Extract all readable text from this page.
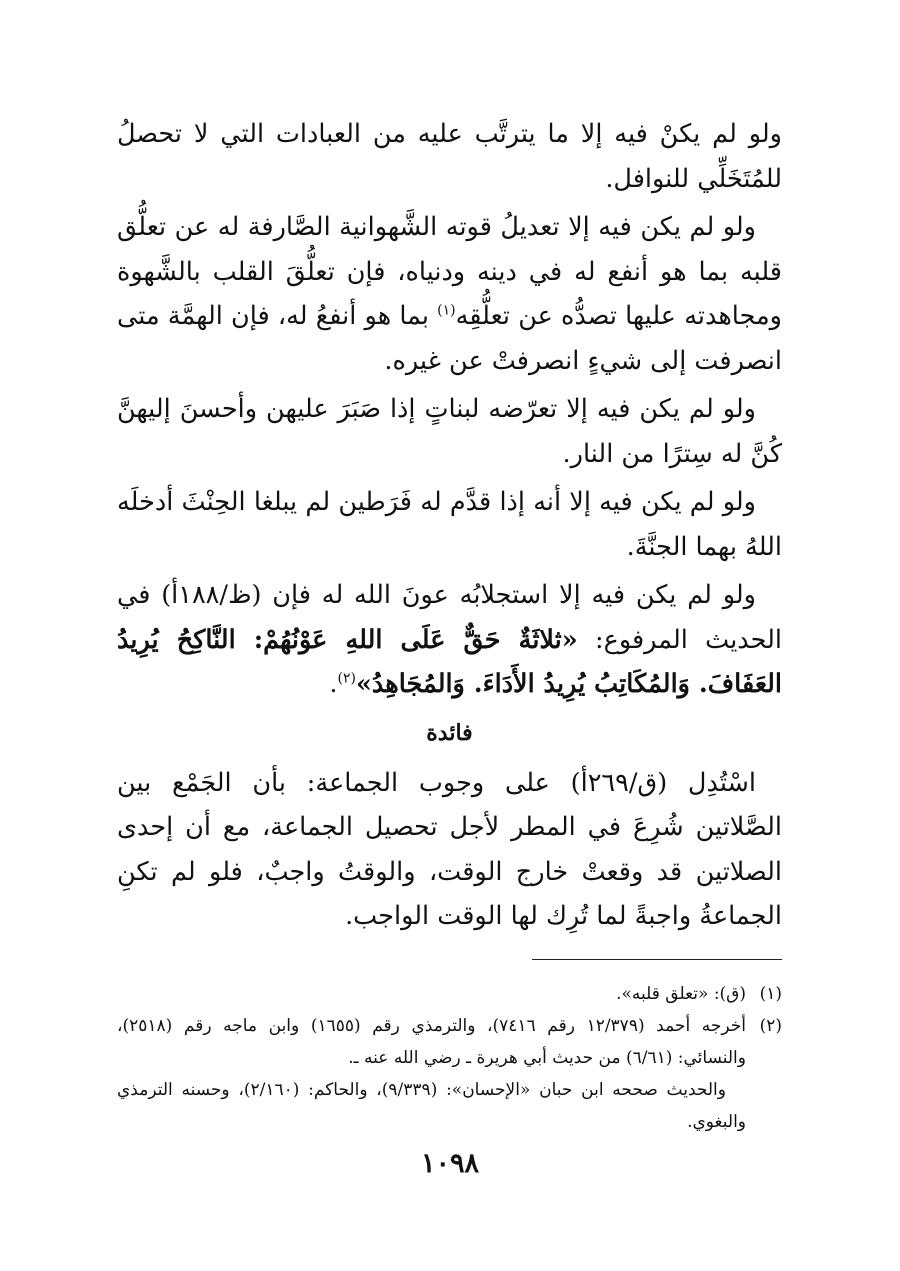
ولو لم يكنْ فيه إلا ما يترتَّب عليه من العبادات التي لا تحصلُ للمُتَخَلِّي للنوافل.

ولو لم يكن فيه إلا تعديلُ قوته الشَّهوانية الصَّارفة له عن تعلُّق قلبه بما هو أنفع له في دينه ودنياه، فإن تعلُّقَ القلب بالشَّهوة ومجاهدته عليها تصدُّه عن تعلُّقِه$^{(١)}$ بما هو أنفعُ له، فإن الهمَّة متى انصرفت إلى شيءٍ انصرفتْ عن غيره.

ولو لم يكن فيه إلا تعرّضه لبناتٍ إذا صَبَرَ عليهن وأحسنَ إليهنَّ كُنَّ له سِترًا من النار.

ولو لم يكن فيه إلا أنه إذا قدَّم له فَرَطين لم يبلغا الحِنْثَ أدخلَه اللهُ بهما الجنَّةَ.

ولو لم يكن فيه إلا استجلابُه عونَ الله له فإن (ظ/١٨٨أ) في الحديث المرفوع: «ثلاثَةٌ حَقٌّ عَلَى اللهِ عَوْنُهُمْ: النَّاكِحُ يُرِيدُ العَفَافَ. وَالمُكَاتِبُ يُرِيدُ الأَدَاءَ. وَالمُجَاهِدُ»$^{(٢)}$.

فائدة

اسْتُدِل (ق/٢٦٩أ) على وجوب الجماعة: بأن الجَمْع بين الصَّلاتين شُرِعَ في المطر لأجل تحصيل الجماعة، مع أن إحدى الصلاتين قد وقعتْ خارج الوقت، والوقتُ واجبٌ، فلو لم تكنِ الجماعةُ واجبةً لما تُرِك لها الوقت الواجب.

(١)
(ق): «تعلق قلبه».
(٢)
أخرجه أحمد (١٢/٣٧٩ رقم ٧٤١٦)، والترمذي رقم (١٦٥٥) وابن ماجه رقم (٢٥١٨)، والنسائي: (٦/٦١) من حديث أبي هريرة ـ رضي الله عنه ـ.
والحديث صححه ابن حبان «الإحسان»: (٩/٣٣٩)، والحاكم: (٢/١٦٠)، وحسنه الترمذي والبغوي.
١٠٩٨
